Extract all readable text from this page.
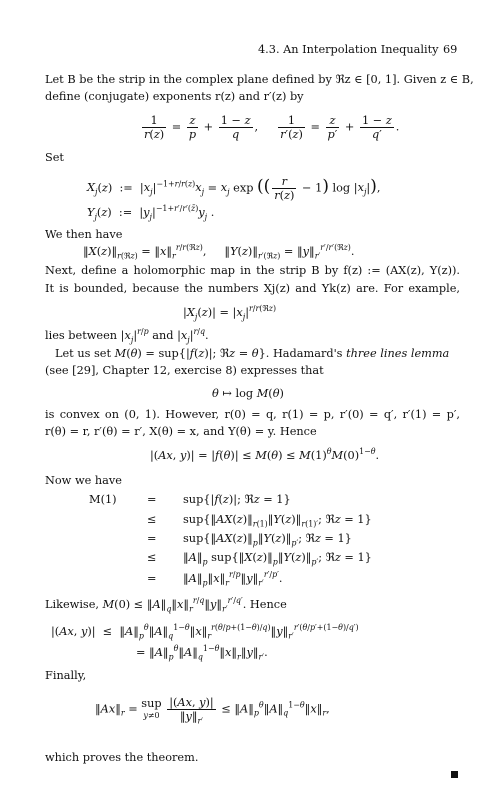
4.3. An Interpolation Inequality 69
Let B be the strip in the complex plane defined by ℜz ∈ [0, 1]. Given z ∈ B,
define (conjugate) exponents r(z) and r′(z) by
$\frac{1}{r(z)} = \frac{z}{p} + \frac{1 - z}{q}$ , $\frac{1}{r'(z)} = \frac{z}{p'} + \frac{1 - z}{q'}$ .
Set
$X_j(z)$  :=  $|x_j|^{-1+r/r(z)}x_j = x_j$ exp (( $\frac{r}{r(z)} - 1$) $\log |x_j|$),
$Y_j(z)$  :=  $|y_j|^{-1+r'/r'(z̄)}y_j$ .
We then have
$‖X(z)‖_{r(ℜz)}$ = $‖x‖_r^{r/r(ℜz)}$,     $‖Y(z)‖_{r'(ℜz)}$ = $‖y‖_{r'}^{r'/r'(ℜz)}$.
Next, define a holomorphic map in the strip B by f(z) := (AX(z), Y(z)).
It is bounded, because the numbers Xj(z) and Yk(z) are. For example,
$|X_j(z)| = |x_j|^{r/r(ℜz)}$
lies between $|x_j|^{r/p}$ and $|x_j|^{r/q}$.
Let us set M(θ) = sup{|f(z)|; ℜz = θ}. Hadamard's three lines lemma
(see [29], Chapter 12, exercise 8) expresses that
θ ↦ log M(θ)
is convex on (0, 1). However, r(0) = q, r(1) = p, r′(0) = q′, r′(1) = p′,
r(θ) = r, r′(θ) = r′, X(θ) = x, and Y(θ) = y. Hence
|(Ax, $y)| = |f(\theta)| \le M(\theta) \le M(1)^\theta M(0)^{1-\theta}$.
Now we have
M(1)	= sup{|f(z)|; ℜz = 1}
≤ $sup\{‖AX(z)‖_{r(1)}‖Y(z)‖_{r(1)'}$; ℜz = 1}
= $sup\{‖AX(z)‖_p‖Y(z)‖_{p'}$; ℜz = 1}
≤ $‖A‖_p$ $sup\{‖X(z)‖_p‖Y(z)‖_{p'}$; ℜz = 1}
= $‖A‖_p‖x‖_r^{r/p}‖y‖_{r'}^{r'/p'}$.
Likewise, $M(0) \le ‖A‖_q‖x‖_r^{r/q}‖y‖_{r'}^{r'/q'}$. Hence
|(Ax, $y)| \le ‖A‖_p^\theta‖A‖_q^{1-\theta}‖x‖_r^{r(\theta/p+(1-\theta)/q)}‖y‖_{r'}^{r'(\theta/p'+(1-\theta)/q')}$
= $‖A‖_p^\theta‖A‖_q^{1-\theta}‖x‖_r‖y‖_{r'}$.
Finally,
$‖Ax‖_r$ = sup
$y\ne 0 \frac{|(Ax, y)|}{‖y‖_{r'}}$ ≤ $‖A‖_p^\theta‖A‖_q^{1-\theta}‖x‖_r$,
which proves the theorem.
